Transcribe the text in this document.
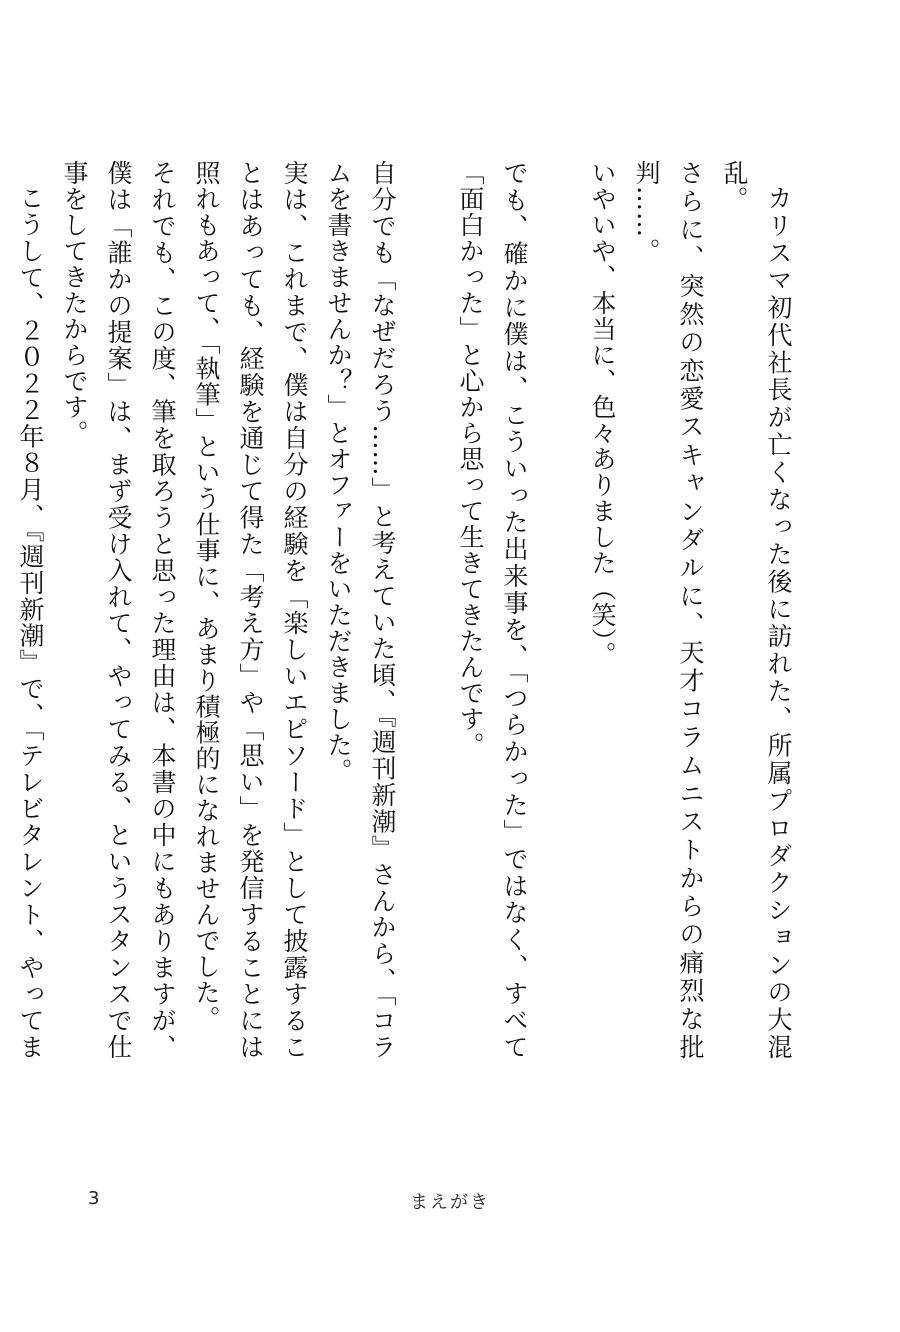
カリスマ初代社長が亡くなった後に訪れた、所属プロダクションの大混乱。

さらに、突然の恋愛スキャンダルに、天才コラムニストからの痛烈な批判……。

いやいや、本当に、色々ありました（笑）。

でも、確かに僕は、こういった出来事を、「つらかった」ではなく、すべて「面白かった」と心から思って生きてきたんです。

自分でも「なぜだろう……」と考えていた頃、『週刊新潮』さんから、「コラムを書きませんか？」とオファーをいただきました。

実は、これまで、僕は自分の経験を「楽しいエピソード」として披露することはあっても、経験を通じて得た「考え方」や「思い」を発信することには照れもあって、「執筆」という仕事に、あまり積極的になれませんでした。

それでも、この度、筆を取ろうと思った理由は、本書の中にもありますが、僕は「誰かの提案」は、まず受け入れて、やってみる、というスタンスで仕事をしてきたからです。

こうして、２０２２年８月、『週刊新潮』で、「テレビタレント、やってま

3	まえがき
